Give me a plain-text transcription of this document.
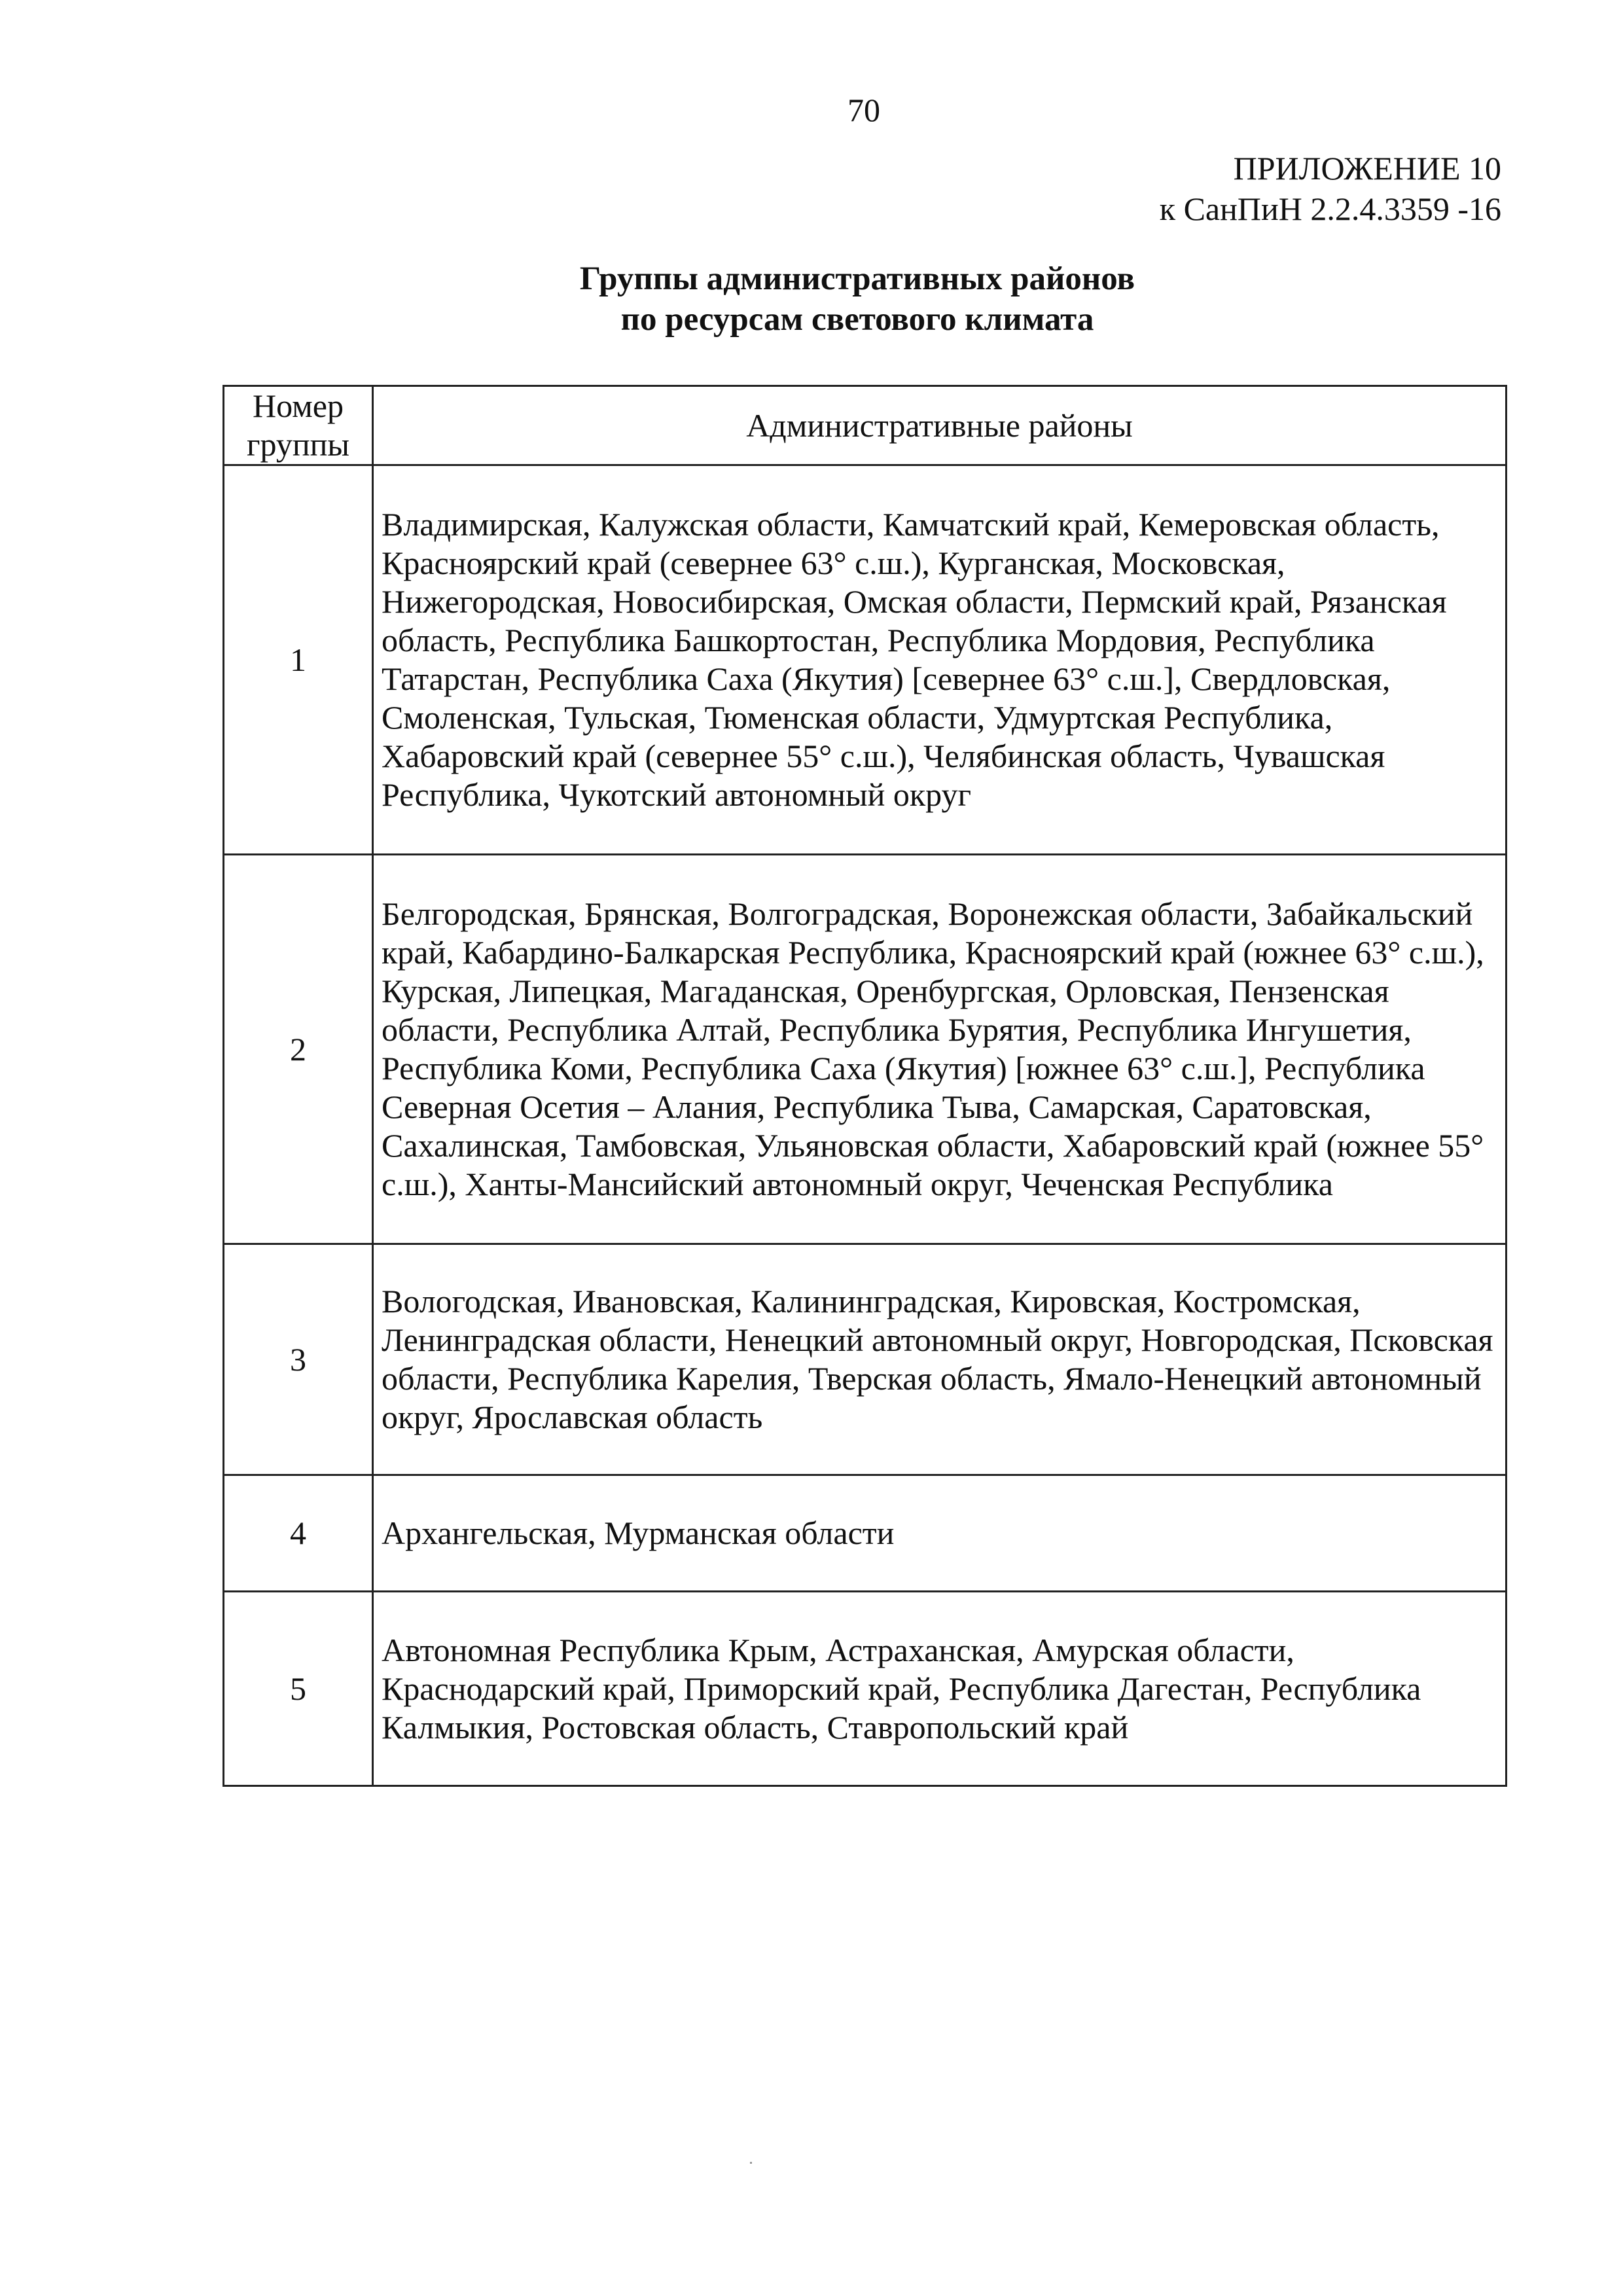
70
ПРИЛОЖЕНИЕ 10
к СанПиН 2.2.4.3359 -16
Группы административных районов
по ресурсам светового климата
Номер группы	Административные районы
1	Владимирская, Калужская области, Камчатский край, Кемеровская область, Красноярский край (севернее 63° с.ш.), Курганская, Московская, Нижегородская, Новосибирская, Омская области, Пермский край, Рязанская область, Республика Башкортостан, Республика Мордовия, Республика Татарстан, Республика Саха (Якутия) [севернее 63° с.ш.], Свердловская, Смоленская, Тульская, Тюменская области, Удмуртская Республика, Хабаровский край (севернее 55° с.ш.), Челябинская область, Чувашская Республика, Чукотский автономный округ
2	Белгородская, Брянская, Волгоградская, Воронежская области, Забайкальский край, Кабардино-Балкарская Республика, Красноярский край (южнее 63° с.ш.), Курская, Липецкая, Магаданская, Оренбургская, Орловская, Пензенская области, Республика Алтай, Республика Бурятия, Республика Ингушетия, Республика Коми, Республика Саха (Якутия) [южнее 63° с.ш.], Республика Северная Осетия – Алания, Республика Тыва, Самарская, Саратовская, Сахалинская, Тамбовская, Ульяновская области, Хабаровский край (южнее 55° с.ш.), Ханты-Мансийский автономный округ, Чеченская Республика
3	Вологодская, Ивановская, Калининградская, Кировская, Костромская, Ленинградская области, Ненецкий автономный округ, Новгородская, Псковская области, Республика Карелия, Тверская область, Ямало-Ненецкий автономный округ, Ярославская область
4	Архангельская, Мурманская области
5	Автономная Республика Крым, Астраханская, Амурская области, Краснодарский край, Приморский край, Республика Дагестан, Республика Калмыкия, Ростовская область, Ставропольский край
